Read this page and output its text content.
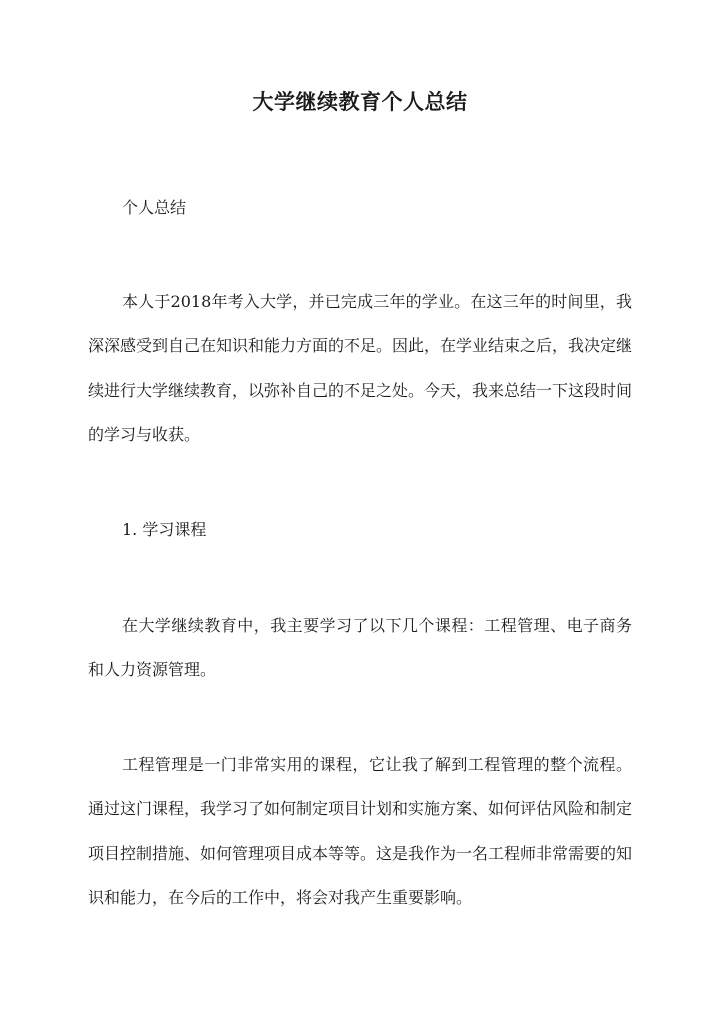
大学继续教育个人总结
个人总结

本人于2018年考入大学，并已完成三年的学业。在这三年的时间里，我深深感受到自己在知识和能力方面的不足。因此，在学业结束之后，我决定继续进行大学继续教育，以弥补自己的不足之处。今天，我来总结一下这段时间的学习与收获。

1. 学习课程

在大学继续教育中，我主要学习了以下几个课程：工程管理、电子商务和人力资源管理。

工程管理是一门非常实用的课程，它让我了解到工程管理的整个流程。通过这门课程，我学习了如何制定项目计划和实施方案、如何评估风险和制定项目控制措施、如何管理项目成本等等。这是我作为一名工程师非常需要的知识和能力，在今后的工作中，将会对我产生重要影响。
